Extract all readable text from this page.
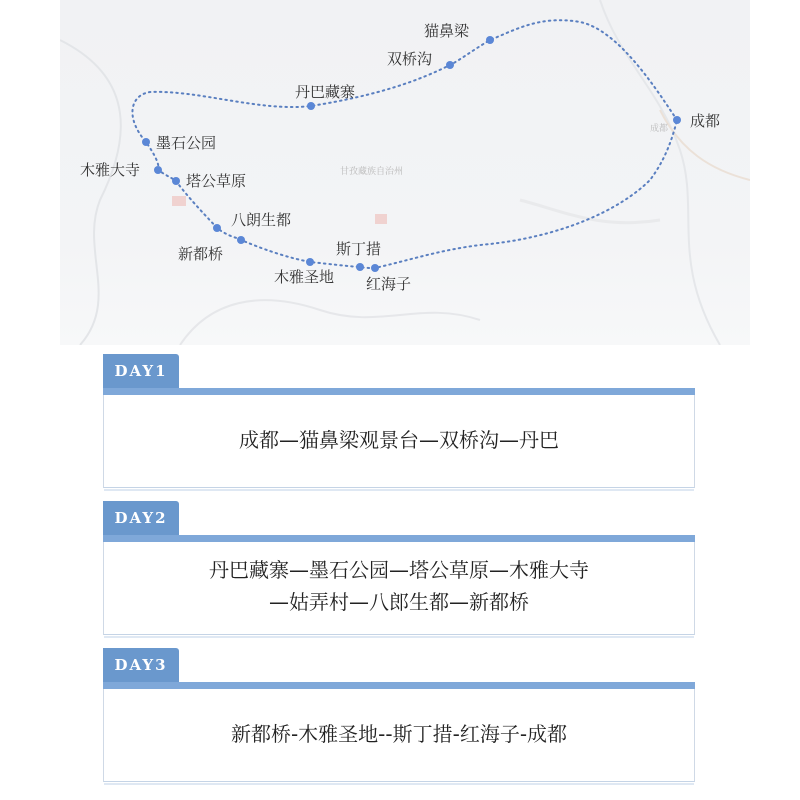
甘孜藏族自治州
成都
猫鼻梁
双桥沟
丹巴藏寨
成都
墨石公园
木雅大寺
塔公草原
八朗生都
新都桥	斯丁措
木雅圣地 红海子
DAY1
成都—猫鼻梁观景台—双桥沟—丹巴
DAY2
丹巴藏寨—墨石公园—塔公草原—木雅大寺
—姑弄村—八郎生都—新都桥
DAY3
新都桥-木雅圣地--斯丁措-红海子-成都
